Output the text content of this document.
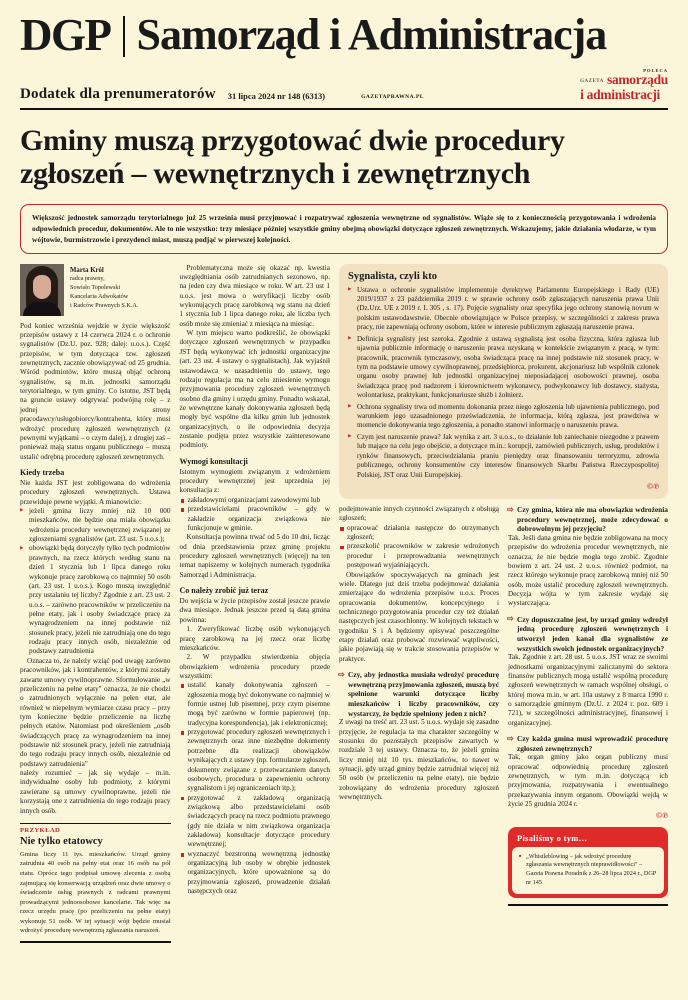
DGP Samorząd i Administracja
Dodatek dla prenumeratorów 31 lipca 2024 nr 148 (6313)	GAZETAPRAWNA.PL
POLECA
GAZETA samorządu
i administracji
Gminy muszą przygotować dwie procedury zgłoszeń – wewnętrznych i zewnętrznych
Większość jednostek samorządu terytorialnego już 25 września musi przyjmować i rozpatrywać zgłoszenia wewnętrzne od sygnalistów. Wiąże się to z koniecznością przygotowania i wdrożenia odpowiednich procedur, dokumentów. Ale to nie wszystko: trzy miesiące później wszystkie gminy obejmą obowiązki dotyczące zgłoszeń zewnętrznych. Wskazujemy, jakie działania włodarze, w tym wójtowie, burmistrzowie i prezydenci miast, muszą podjąć w pierwszej kolejności.
Marta Król
radca prawny,
Sowisło Topolewski
Kancelaria Adwokatów
i Radców Prawnych S.K.A.

Pod koniec września wejdzie w życie większość przepisów ustawy z 14 czerwca 2024 r. o ochronie sygnalistów (Dz.U. poz. 928; dalej: u.o.s.). Część przepisów, w tym dotycząca tzw. zgłoszeń zewnętrznych, zacznie obowiązywać od 25 grudnia. Wśród podmiotów, które muszą objąć ochroną sygnalistów, są m.in. jednostki samorządu terytorialnego, w tym gminy. Co istotne, JST będą na gruncie ustawy odgrywać podwójną rolę – z jednej strony pracodawcy/usługobiorcy/kontrahenta, który musi wdrożyć procedurę zgłoszeń wewnętrznych (z pewnymi wyjątkami – o czym dalej), z drugiej zaś – ponieważ mają status organu publicznego – muszą ustalić odrębną procedurę zgłoszeń zewnętrznych.

Kiedy trzeba

Nie każda JST jest zobligowana do wdrożenia procedury zgłoszeń wewnętrznych. Ustawa przewiduje pewne wyjątki. A mianowicie:

▶ jeżeli gmina liczy mniej niż 10 000 mieszkańców, nie będzie ona miała obowiązku wdrożenia procedury wewnętrznej związanej ze zgłoszeniami sygnalistów (art. 23 ust. 5 u.o.s.);
▶ obowiązki będą dotyczyły tylko tych podmiotów prawnych, na rzecz których według stanu na dzień 1 stycznia lub 1 lipca danego roku wykonuje pracę zarobkową co najmniej 50 osób (art. 23 ust. 1 u.o.s.). Kogo muszą uwzględnić przy ustalaniu tej liczby? Zgodnie z art. 23 ust. 2 u.o.s. – zarówno pracowników w przeliczeniu na pełne etaty, jak i osoby świadczące pracę za wynagrodzeniem na innej podstawie niż stosunek pracy, jeżeli nie zatrudniają one do tego rodzaju pracy innych osób, niezależnie od podstawy zatrudnienia

Oznacza to, że należy wziąć pod uwagę zarówno pracowników, jak i kontrahentów, z którymi zostały zawarte umowy cywilnoprawne. Sformułowanie „w przeliczeniu na pełne etaty" oznacza, że nie chodzi o zatrudnionych wyłącznie na pełen etat, ale również w niepełnym wymiarze czasu pracy – przy tym konieczne będzie przeliczenie na liczbę pełnych etatów. Natomiast pod określeniem „osób świadczących pracę za wynagrodzeniem na innej podstawie niż stosunek pracy, jeżeli nie zatrudniają do tego rodzaju pracy innych osób, niezależnie od podstawy zatrudnienia"

należy rozumieć – jak się wydaje – m.in. indywidualne osoby lub podmioty, z którymi zawierane są umowy cywilnoprawne, jeżeli nie korzystają one z zatrudnienia do tego rodzaju pracy innych osób.

PRZYKŁAD
Nie tylko etatowcy
Gmina liczy 11 tys. mieszkańców. Urząd gminy zatrudnia 40 osób na pełny etat oraz 16 osób na pół etatu. Oprócz tego podpisał umowę zlecenia z osobą zajmującą się konserwacją urządzeń oraz dwie umowy o świadczenie usług prawnych z radcami prawnymi prowadzącymi jednoosobowe kancelarie. Tak więc na rzecz urzędu pracę (po przeliczeniu na pełne etaty) wykonuje 51 osób. W tej sytuacji wójt będzie musiał wdrożyć procedurę wewnętrzną zgłaszania naruszeń.

Problematyczna może się okazać np. kwestia uwzględniania osób zatrudnianych sezonowo, np. na jeden czy dwa miesiące w roku. W art. 23 ust 1 u.o.s. jest mowa o weryfikacji liczby osób wykonujących pracę zarobkową wg stanu na dzień 1 stycznia lub 1 lipca danego roku, ale liczba tych osób może się zmieniać z miesiąca na miesiąc.

W tym miejscu warto podkreślić, że obowiązki dotyczące zgłoszeń wewnętrznych w przypadku JST będą wykonywać ich jednostki organizacyjne (art. 23 ust. 4 ustawy o sygnalistach). Jak wyjaśnił ustawodawca w uzasadnieniu do ustawy, tego rodzaju regulacja ma na celu zniesienie wymogu przyjmowania procedury zgłoszeń wewnętrznych osobno dla gminy i urzędu gminy. Ponadto wskazał, że wewnętrzne kanały dokonywania zgłoszeń będą mogły być wspólne dla kilku gmin lub jednostek organizacyjnych, o ile odpowiednia decyzja zostanie podjęta przez wszystkie zainteresowane podmioty.

Wymogi konsultacji

Istotnym wymogiem związanym z wdrożeniem procedury wewnętrznej jest uprzednia jej konsultacja z:

zakładowymi organizacjami zawodowymi lub
przedstawicielami pracowników – gdy w zakładzie organizacja związkowa nie funkcjonuje w gminie.

Konsultacja powinna trwać od 5 do 10 dni, licząc od dnia przedstawienia przez gminę projektu procedury zgłoszeń wewnętrznych (więcej) na ten temat napiszemy w kolejnych numerach tygodnika Samorząd i Administracja.

Co należy zrobić już teraz

Do wejścia w życie przepisów został jeszcze prawie dwa miesiące. Jednak jeszcze przed tą datą gmina powinna:

1. Zweryfikować liczbę osób wykonujących pracę zarobkową na jej rzecz oraz liczbę mieszkańców.

2. W przypadku stwierdzenia objęcia obowiązkiem wdrożenia procedury przede wszystkim:

ustalić kanały dokonywania zgłoszeń – zgłoszenia mogą być dokonywane co najmniej w formie ustnej lub pisemnej, przy czym pisemne mogą być zarówno w formie papierowej (np. tradycyjna korespondencja), jak i elektronicznej;
przygotować procedury zgłoszeń wewnętrznych i zewnętrznych oraz inne niezbędne dokumenty potrzebne dla realizacji obowiązków wynikających z ustawy (np. formularze zgłoszeń, dokumenty związane z przetwarzaniem danych osobowych, procedura o zapewnieniu ochrony sygnalistom i jej ograniczeniach itp.);
przygotować z zakładową organizacją związkową albo przedstawicielami osób świadczących pracę na rzecz podmiotu prawnego (gdy nie działa w nim związkowa organizacja zakładowa) konsultacje dotyczące procedury wewnętrznej;
wyznaczyć bezstronną wewnętrzną jednostkę organizacyjną lub osoby w obrębie jednostek organizacyjnych, które upoważnione są do przyjmowania zgłoszeń, prowadzenie działań następczych oraz
Sygnalista, czyli kto
▶ Ustawa o ochronie sygnalistów implementuje dyrektywę Parlamentu Europejskiego i Rady (UE) 2019/1937 z 23 października 2019 r. w sprawie ochrony osób zgłaszających naruszenia prawa Unii (Dz.Urz. UE z 2019 r. L 305 , s. 17). Pojęcie sygnalisty oraz specyfika jego ochrony stanowią novum w polskim ustawodawstwie. Obecnie obowiązujące w Polsce przepisy, w szczególności z zakresu prawa pracy, nie zapewniają ochrony osobom, które w interesie publicznym zgłaszają naruszenie prawa.
▶ Definicja sygnalisty jest szeroka. Zgodnie z ustawą sygnalistą jest osoba fizyczna, która zgłasza lub ujawnia publicznie informację o naruszeniu prawa uzyskaną w kontekście związanym z pracą, w tym: pracownik, pracownik tymczasowy, osoba świadcząca pracę na innej podstawie niż stosunek pracy, w tym na podstawie umowy cywilnoprawnej, przedsiębiorca, prokurent, akcjonariusz lub wspólnik członek organu osoby prawnej lub jednostki organizacyjnej nieposiadającej osobowości prawnej, osoba świadcząca pracę pod nadzorem i kierownictwem wykonawcy, podwykonawcy lub dostawcy, stażysta, wolontariusz, praktykant, funkcjonariusze służb i żołnierz.
▶ Ochrona sygnalisty trwa od momentu dokonania przez niego zgłoszenia lub ujawnienia publicznego, pod warunkiem jego uzasadnionego przeświadczenia, że informacja, którą zgłasza, jest prawdziwa w momencie dokonywania tego zgłoszenia, a ponadto stanowi informację o naruszeniu prawa.
▶ Czym jest naruszenie prawa? Jak wynika z art. 3 u.o.s., to działanie lub zaniechanie niezgodne z prawem lub mające na celu jego obejście, a dotyczące m.in.: korupcji, zamówień publicznych, usług, produktów i rynków finansowych, przeciwdziałania praniu pieniędzy oraz finansowaniu terroryzmu, zdrowia publicznego, ochrony konsumentów czy interesów finansowych Skarbu Państwa Rzeczypospolitej Polskiej, JST oraz Unii Europejskiej.
©℗

podejmowanie innych czynności związanych z obsługą zgłoszeń;

opracować działania następcze do otrzymanych zgłoszeń;
przeszkolić pracowników w zakresie wdrożonych procedur i przeprowadzania wewnętrznych postępowań wyjaśniających.

Obowiązków spoczywających na gminach jest wiele. Dlatego już dziś trzeba podejmować działania zmierzające do wdrożenia przepisów u.o.s. Proces opracowania dokumentów, koncepcyjnego i technicznego przygotowania procedur czy też działań następczych jest czasochłonny. W kolejnych tekstach w tygodniku S i A będziemy opisywać poszczególne etapy działań oraz probować rozwiewać wątpliwości, jakie pojawiają się w trakcie stosowania przepisów w praktyce.

⇨ Czy, aby jednostka musiała wdrożyć procedurę wewnętrzną przyjmowania zgłoszeń, muszą być spełnione warunki dotyczące liczby mieszkańców i liczby pracowników, czy wystarczy, że będzie spełniony jeden z nich?

Z uwagi na treść art. 23 ust. 5 u.o.s. wydaje się zasadne przyjęcie, że regulacja ta ma charakter szczególny w stosunku do pozostałych przepisów zawartych w rozdziale 3 tej ustawy. Oznacza to, że jeżeli gmina liczy mniej niż 10 tys. mieszkańców, to nawet w sytuacji, gdy urząd gminy będzie zatrudniał więcej niż 50 osób (w przeliczeniu na pełne etaty), nie będzie zobowiązany do wdrożenia procedury zgłoszeń wewnętrznych.

⇨ Czy gmina, która nie ma obowiązku wdrożenia procedury wewnętrznej, może zdecydować o dobrowolnym jej przyjęciu?

Tak. Jeśli dana gmina nie będzie zobligowana na mocy przepisów do wdrożenia procedur wewnętrznych, nie oznacza, że nie będzie mogła tego zrobić. Zgodnie bowiem z art. 24 ust. 2 u.o.s. również podmiot, na rzecz którego wykonuje pracę zarobkową mniej niż 50 osób, może ustalić procedurę zgłoszeń wewnętrznych. Decyzja wójta w tym zakresie wydaje się wystarczająca.

⇨ Czy dopuszczalne jest, by urząd gminy wdrożył jedną procedurę zgłoszeń wewnętrznych i utworzył jeden kanał dla sygnalistów ze wszystkich swoich jednostek organizacyjnych?

Tak. Zgodnie z art. 28 ust. 5 u.o.s. JST wraz ze swoimi jednostkami organizacyjnymi zaliczanymi do sektora finansów publicznych mogą ustalić wspólną procedurę zgłoszeń wewnętrznych w ramach wspólnej obsługi, o której mowa m.in. w art. 10a ustawy z 8 marca 1990 r. o samorządzie gminnym (Dz.U. z 2024 r. poz. 609 i 721), w szczególności administracyjnej, finansowej i organizacyjnej.

⇨ Czy każda gmina musi wprowadzić procedurę zgłoszeń zewnętrznych?

Tak, organ gminy jako organ publiczny musi opracować odpowiednią procedurę zgłoszeń zewnętrznych, w tym m.in. dotyczącą ich przyjmowania, rozpatrywania i ewentualnego przekazywania innym organom. Obowiązki wejdą w życie 25 grudnia 2024 r.

©℗
Pisaliśmy o tym…
■ „Whistleblowing – jak wdrożyć procedurę zgłaszania wewnętrznych nieprawidłowości" – Gazeta Prawna Poradnik z 26–28 lipca 2024 r., DGP nr 145
